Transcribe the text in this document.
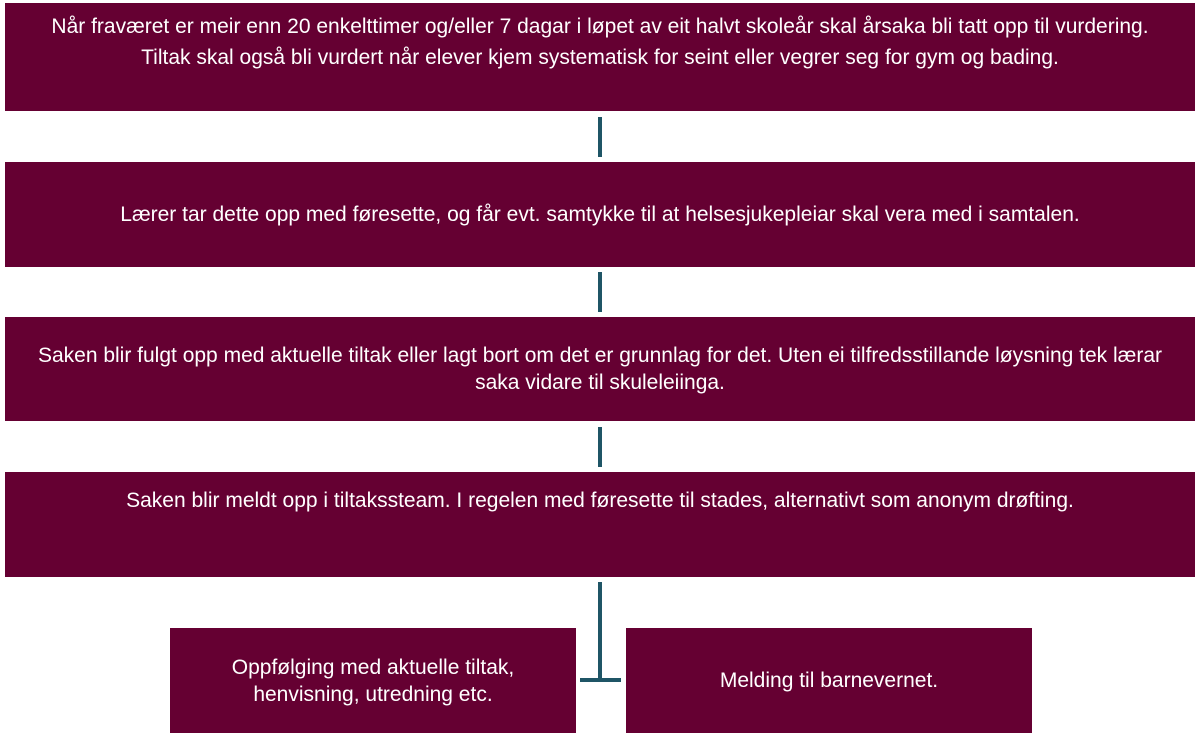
Når fraværet er meir enn 20 enkelttimer og/eller 7 dagar i løpet av eit halvt skoleår skal årsaka bli tatt opp til vurdering.

Tiltak skal også bli vurdert når elever kjem systematisk for seint eller vegrer seg for gym og bading.

Lærer tar dette opp med føresette, og får evt. samtykke til at helsesjukepleiar skal vera med i samtalen.

Saken blir fulgt opp med aktuelle tiltak eller lagt bort om det er grunnlag for det. Uten ei tilfredsstillande løysning tek lærar saka vidare til skuleleiinga.

Saken blir meldt opp i tiltakssteam. I regelen med føresette til stades, alternativt som anonym drøfting.

Oppfølging med aktuelle tiltak, henvisning, utredning etc.

Melding til barnevernet.
